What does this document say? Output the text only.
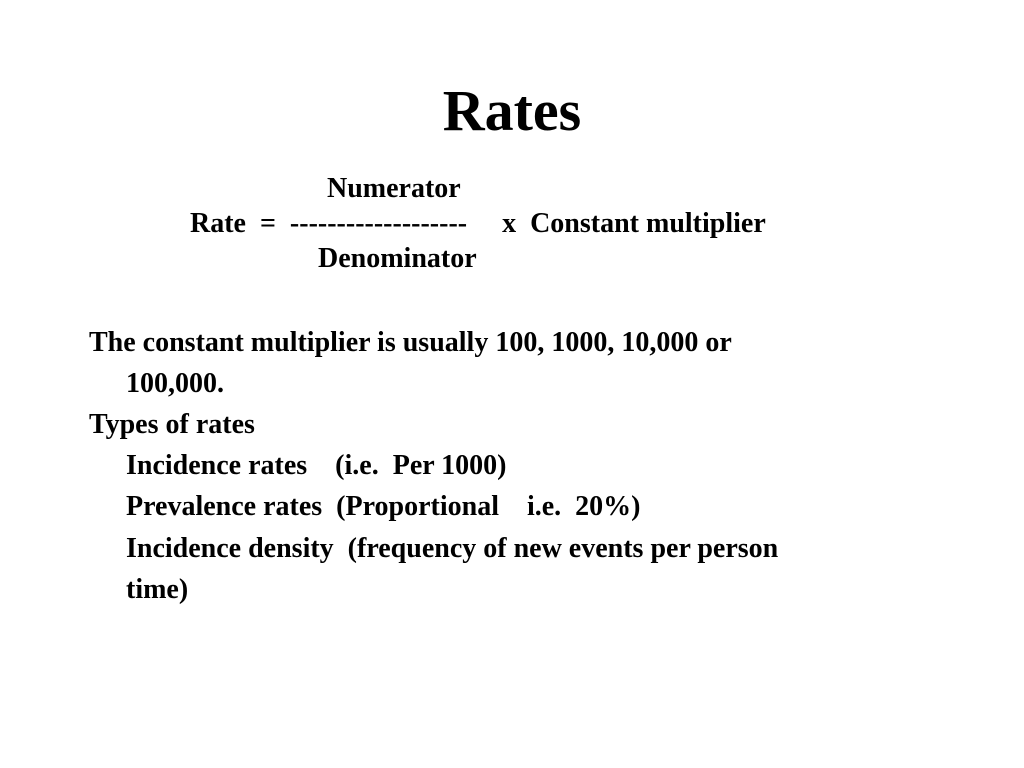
Rates
Numerator
Rate  =  -------------------     x  Constant multiplier
Denominator
The constant multiplier is usually 100, 1000, 10,000 or
100,000.
Types of rates
Incidence rates    (i.e.  Per 1000)
Prevalence rates  (Proportional    i.e.  20%)
Incidence density  (frequency of new events per person
time)
